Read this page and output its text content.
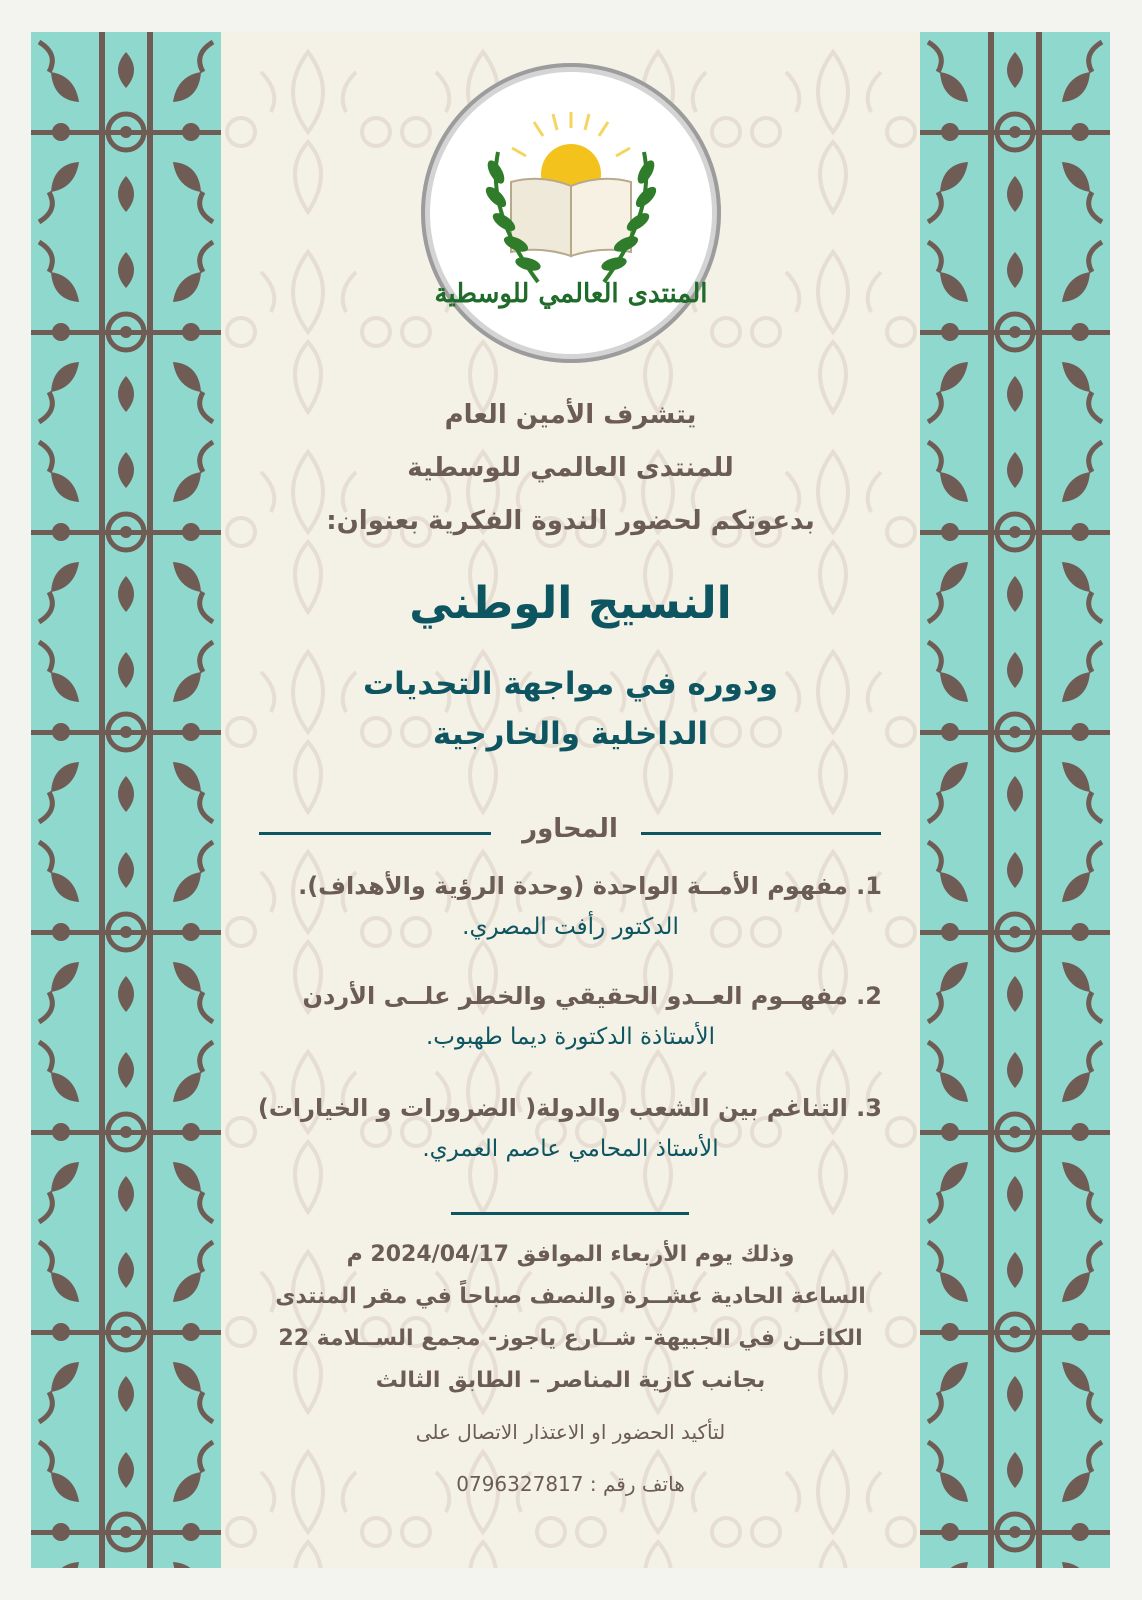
المنتدى العالمي للوسطية
يتشرف الأمين العام
للمنتدى العالمي للوسطية
بدعوتكم لحضور الندوة الفكرية بعنوان:
النسيج الوطني
ودوره في مواجهة التحديات
الداخلية والخارجية
المحاور
1. مفهوم الأمــة الواحدة (وحدة الرؤية والأهداف).
الدكتور رأفت المصري.
2. مفهــوم العــدو الحقيقي والخطر علــى الأردن
الأستاذة الدكتورة ديما طهبوب.
3. التناغم بين الشعب والدولة( الضرورات و الخيارات)
الأستاذ المحامي عاصم العمري.
وذلك يوم الأربعاء الموافق 2024/04/17 م
الساعة الحادية عشــرة والنصف صباحاً في مقر المنتدى
الكائــن في الجبيهة- شــارع ياجوز- مجمع الســلامة 22
بجانب كازية المناصر – الطابق الثالث
لتأكيد الحضور او الاعتذار الاتصال على
هاتف رقم : 0796327817
